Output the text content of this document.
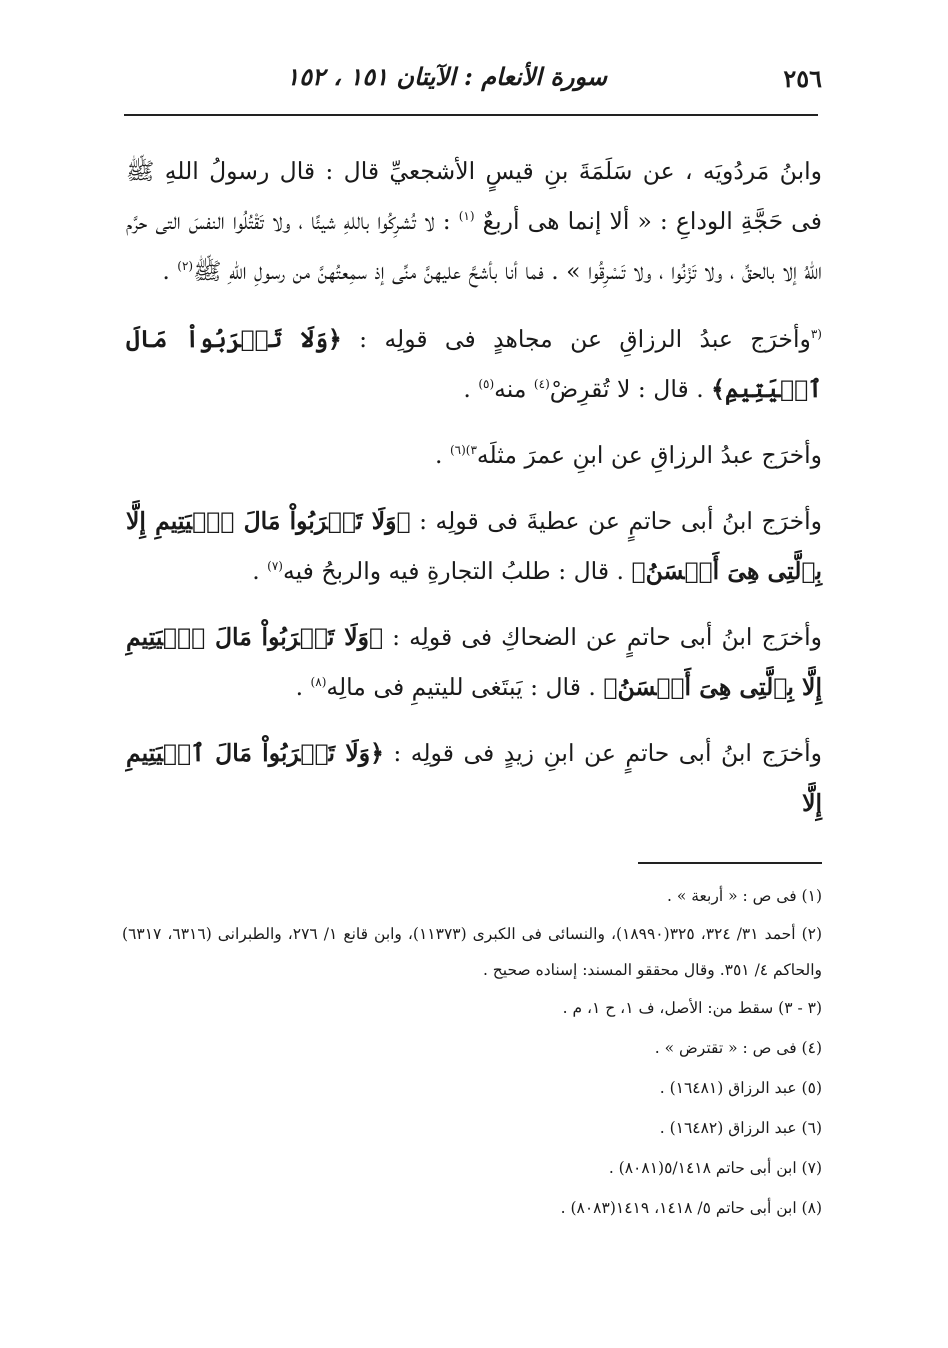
٢٥٦
سورة الأنعام : الآيتان ١٥١ ، ١٥٢

وابنُ مَردُويَه ، عن سَلَمَةَ بنِ قيسٍ الأشجعيِّ قال : قال رسولُ اللهِ ﷺ فى حَجَّةِ الوداعِ : « ألا إنما هى أربعٌ $^{(١)}$ : لا تُشرِكُوا باللهِ شيئًا ، ولا تَقْتُلُوا النفسَ التى حرَّم اللهُ إلا بالحقِّ ، ولا تَزْنُوا ، ولا تَسْرِقُوا » . فما أنا بأشحَّ عليهنَّ منِّى إذ سمِعتُهنَّ من رسولِ اللهِ ﷺ$^{(٢)}$ .

$^{(٣}$وأخرَج عبدُ الرزاقِ عن مجاهدٍ فى قولِه : ﴿وَلَا تَقۡرَبُواْ مَالَ ٱلۡيَتِيمِ﴾ . قال : لا تُقرِضْ$^{(٤)}$ منه$^{(٥)}$ .

وأخرَج عبدُ الرزاقِ عن ابنِ عمرَ مثلَه$^{٣)(٦)}$ .

وأخرَج ابنُ أبى حاتمٍ عن عطيةَ فى قولِه : ﴿وَلَا تَقۡرَبُواْ مَالَ ٱلۡيَتِيمِ إِلَّا بِٱلَّتِى هِىَ أَحۡسَنُ﴾ . قال : طلبُ التجارةِ فيه والربحُ فيه$^{(٧)}$ .

وأخرَج ابنُ أبى حاتمٍ عن الضحاكِ فى قولِه : ﴿وَلَا تَقۡرَبُواْ مَالَ ٱلۡيَتِيمِ إِلَّا بِٱلَّتِى هِىَ أَحۡسَنُ﴾ . قال : يَبتَغى لليتيمِ فى مالِه$^{(٨)}$ .

وأخرَج ابنُ أبى حاتمٍ عن ابنِ زيدٍ فى قولِه : ﴿وَلَا تَقۡرَبُواْ مَالَ ٱلۡيَتِيمِ إِلَّا

(١) فى ص : « أربعة » .

(٢) أحمد ٣١/ ٣٢٤، ٣٢٥(١٨٩٩٠)، والنسائى فى الكبرى (١١٣٧٣)، وابن قانع ١/ ٢٧٦، والطبرانى (٦٣١٦، ٦٣١٧) والحاكم ٤/ ٣٥١. وقال محققو المسند: إسناده صحيح .

(٣ - ٣) سقط من: الأصل، ف ١، ح ١، م .

(٤) فى ص : « تقترض » .

(٥) عبد الرزاق (١٦٤٨١) .

(٦) عبد الرزاق (١٦٤٨٢) .

(٧) ابن أبى حاتم ٥/١٤١٨(٨٠٨١) .

(٨) ابن أبى حاتم ٥/ ١٤١٨، ١٤١٩(٨٠٨٣) .
